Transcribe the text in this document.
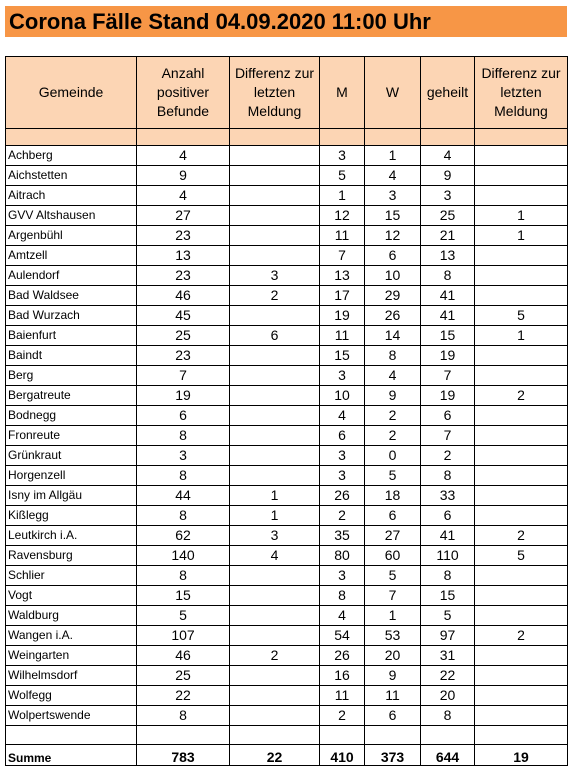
Corona Fälle Stand 04.09.2020 11:00 Uhr
Gemeinde	Anzahl positiver Befunde	Differenz zur letzten Meldung	M	W	geheilt	Differenz zur letzten Meldung

Achberg	4		3	1	4	
Aichstetten	9		5	4	9	
Aitrach	4		1	3	3	
GVV Altshausen	27		12	15	25	1
Argenbühl	23		11	12	21	1
Amtzell	13		7	6	13	
Aulendorf	23	3	13	10	8	
Bad Waldsee	46	2	17	29	41	
Bad Wurzach	45		19	26	41	5
Baienfurt	25	6	11	14	15	1
Baindt	23		15	8	19	
Berg	7		3	4	7	
Bergatreute	19		10	9	19	2
Bodnegg	6		4	2	6	
Fronreute	8		6	2	7	
Grünkraut	3		3	0	2	
Horgenzell	8		3	5	8	
Isny im Allgäu	44	1	26	18	33	
Kißlegg	8	1	2	6	6	
Leutkirch i.A.	62	3	35	27	41	2
Ravensburg	140	4	80	60	110	5
Schlier	8		3	5	8	
Vogt	15		8	7	15	
Waldburg	5		4	1	5	
Wangen i.A.	107		54	53	97	2
Weingarten	46	2	26	20	31	
Wilhelmsdorf	25		16	9	22	
Wolfegg	22		11	11	20	
Wolpertswende	8		2	6	8	

Summe	783	22	410	373	644	19
